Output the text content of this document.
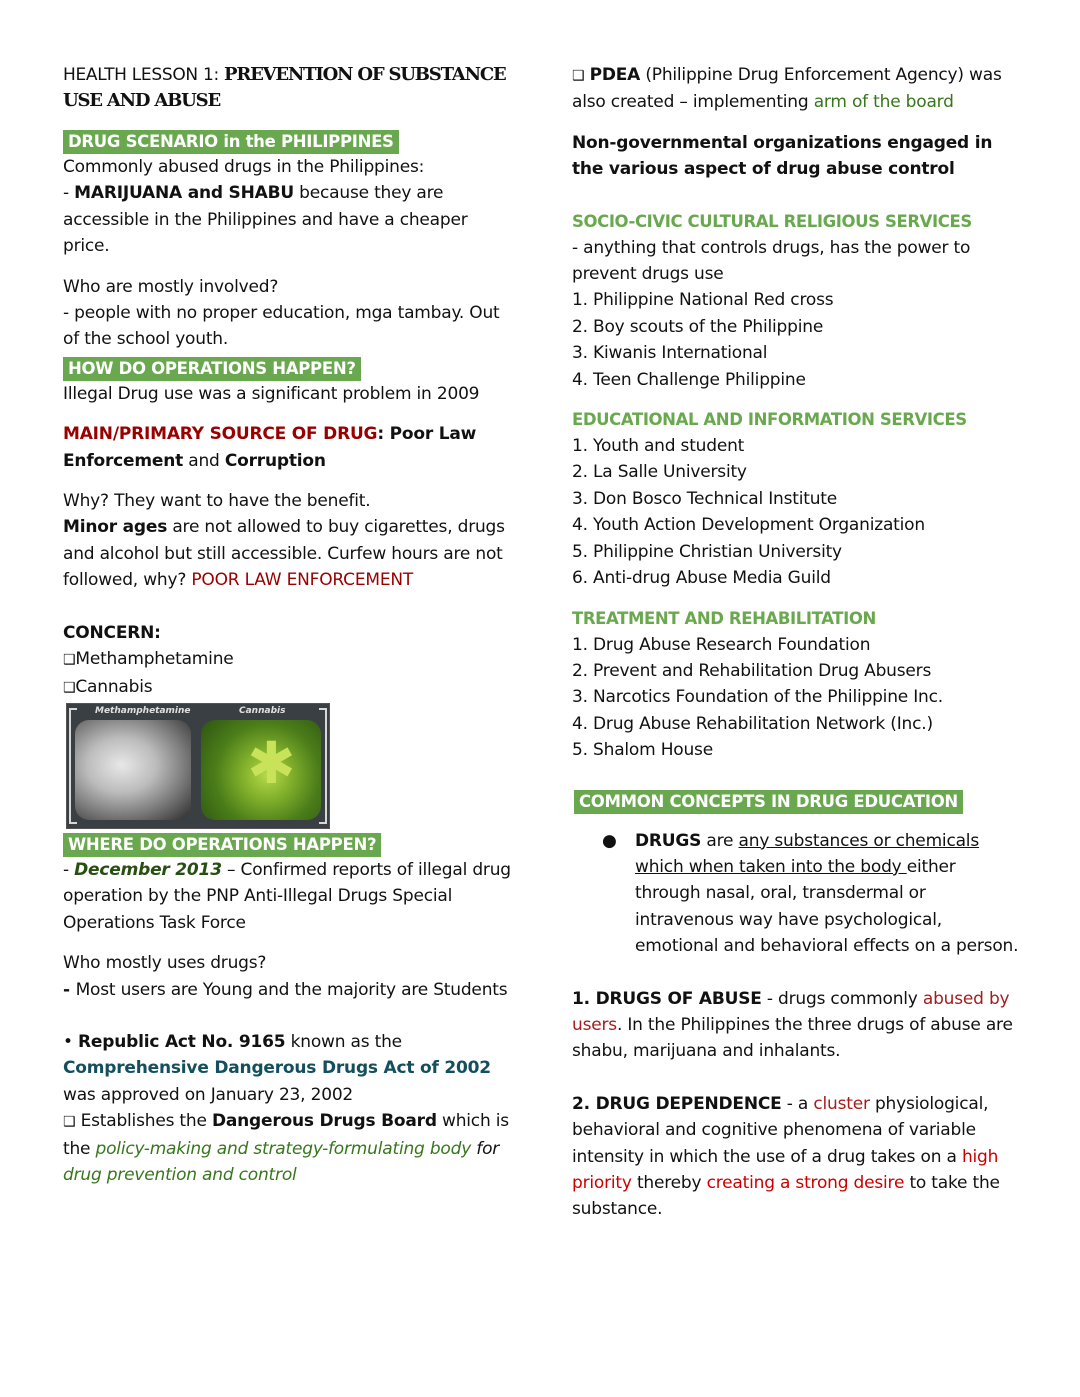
HEALTH LESSON 1: PREVENTION OF SUBSTANCE USE AND ABUSE

DRUG SCENARIO in the PHILIPPINES

Commonly abused drugs in the Philippines:

- MARIJUANA and SHABU because they are accessible in the Philippines and have a cheaper price.

Who are mostly involved?

- people with no proper education, mga tambay. Out of the school youth.

HOW DO OPERATIONS HAPPEN?

Illegal Drug use was a significant problem in 2009

MAIN/PRIMARY SOURCE OF DRUG: Poor Law Enforcement and Corruption

Why? They want to have the benefit.

Minor ages are not allowed to buy cigarettes, drugs and alcohol but still accessible. Curfew hours are not followed, why? POOR LAW ENFORCEMENT

CONCERN:

❑Methamphetamine

❑Cannabis

Methamphetamine	Cannabis
✱
WHERE DO OPERATIONS HAPPEN?

- December 2013 – Confirmed reports of illegal drug operation by the PNP Anti-Illegal Drugs Special Operations Task Force

Who mostly uses drugs?

- Most users are Young and the majority are Students

• Republic Act No. 9165 known as the Comprehensive Dangerous Drugs Act of 2002 was approved on January 23, 2002

❑ Establishes the Dangerous Drugs Board which is the policy-making and strategy-formulating body for drug prevention and control

❑ PDEA (Philippine Drug Enforcement Agency) was also created – implementing arm of the board

Non-governmental organizations engaged in the various aspect of drug abuse control

SOCIO-CIVIC CULTURAL RELIGIOUS SERVICES

- anything that controls drugs, has the power to prevent drugs use

1. Philippine National Red cross

2. Boy scouts of the Philippine

3. Kiwanis International

4. Teen Challenge Philippine

EDUCATIONAL AND INFORMATION SERVICES

1. Youth and student

2. La Salle University

3. Don Bosco Technical Institute

4. Youth Action Development Organization

5. Philippine Christian University

6. Anti-drug Abuse Media Guild

TREATMENT AND REHABILITATION

1. Drug Abuse Research Foundation

2. Prevent and Rehabilitation Drug Abusers

3. Narcotics Foundation of the Philippine Inc.

4. Drug Abuse Rehabilitation Network (Inc.)

5. Shalom House

COMMON CONCEPTS IN DRUG EDUCATION
●	DRUGS are any substances or chemicals which when taken into the body either through nasal, oral, transdermal or intravenous way have psychological, emotional and behavioral effects on a person.

1. DRUGS OF ABUSE - drugs commonly abused by users. In the Philippines the three drugs of abuse are shabu, marijuana and inhalants.

2. DRUG DEPENDENCE - a cluster physiological, behavioral and cognitive phenomena of variable intensity in which the use of a drug takes on a high priority thereby creating a strong desire to take the substance.
